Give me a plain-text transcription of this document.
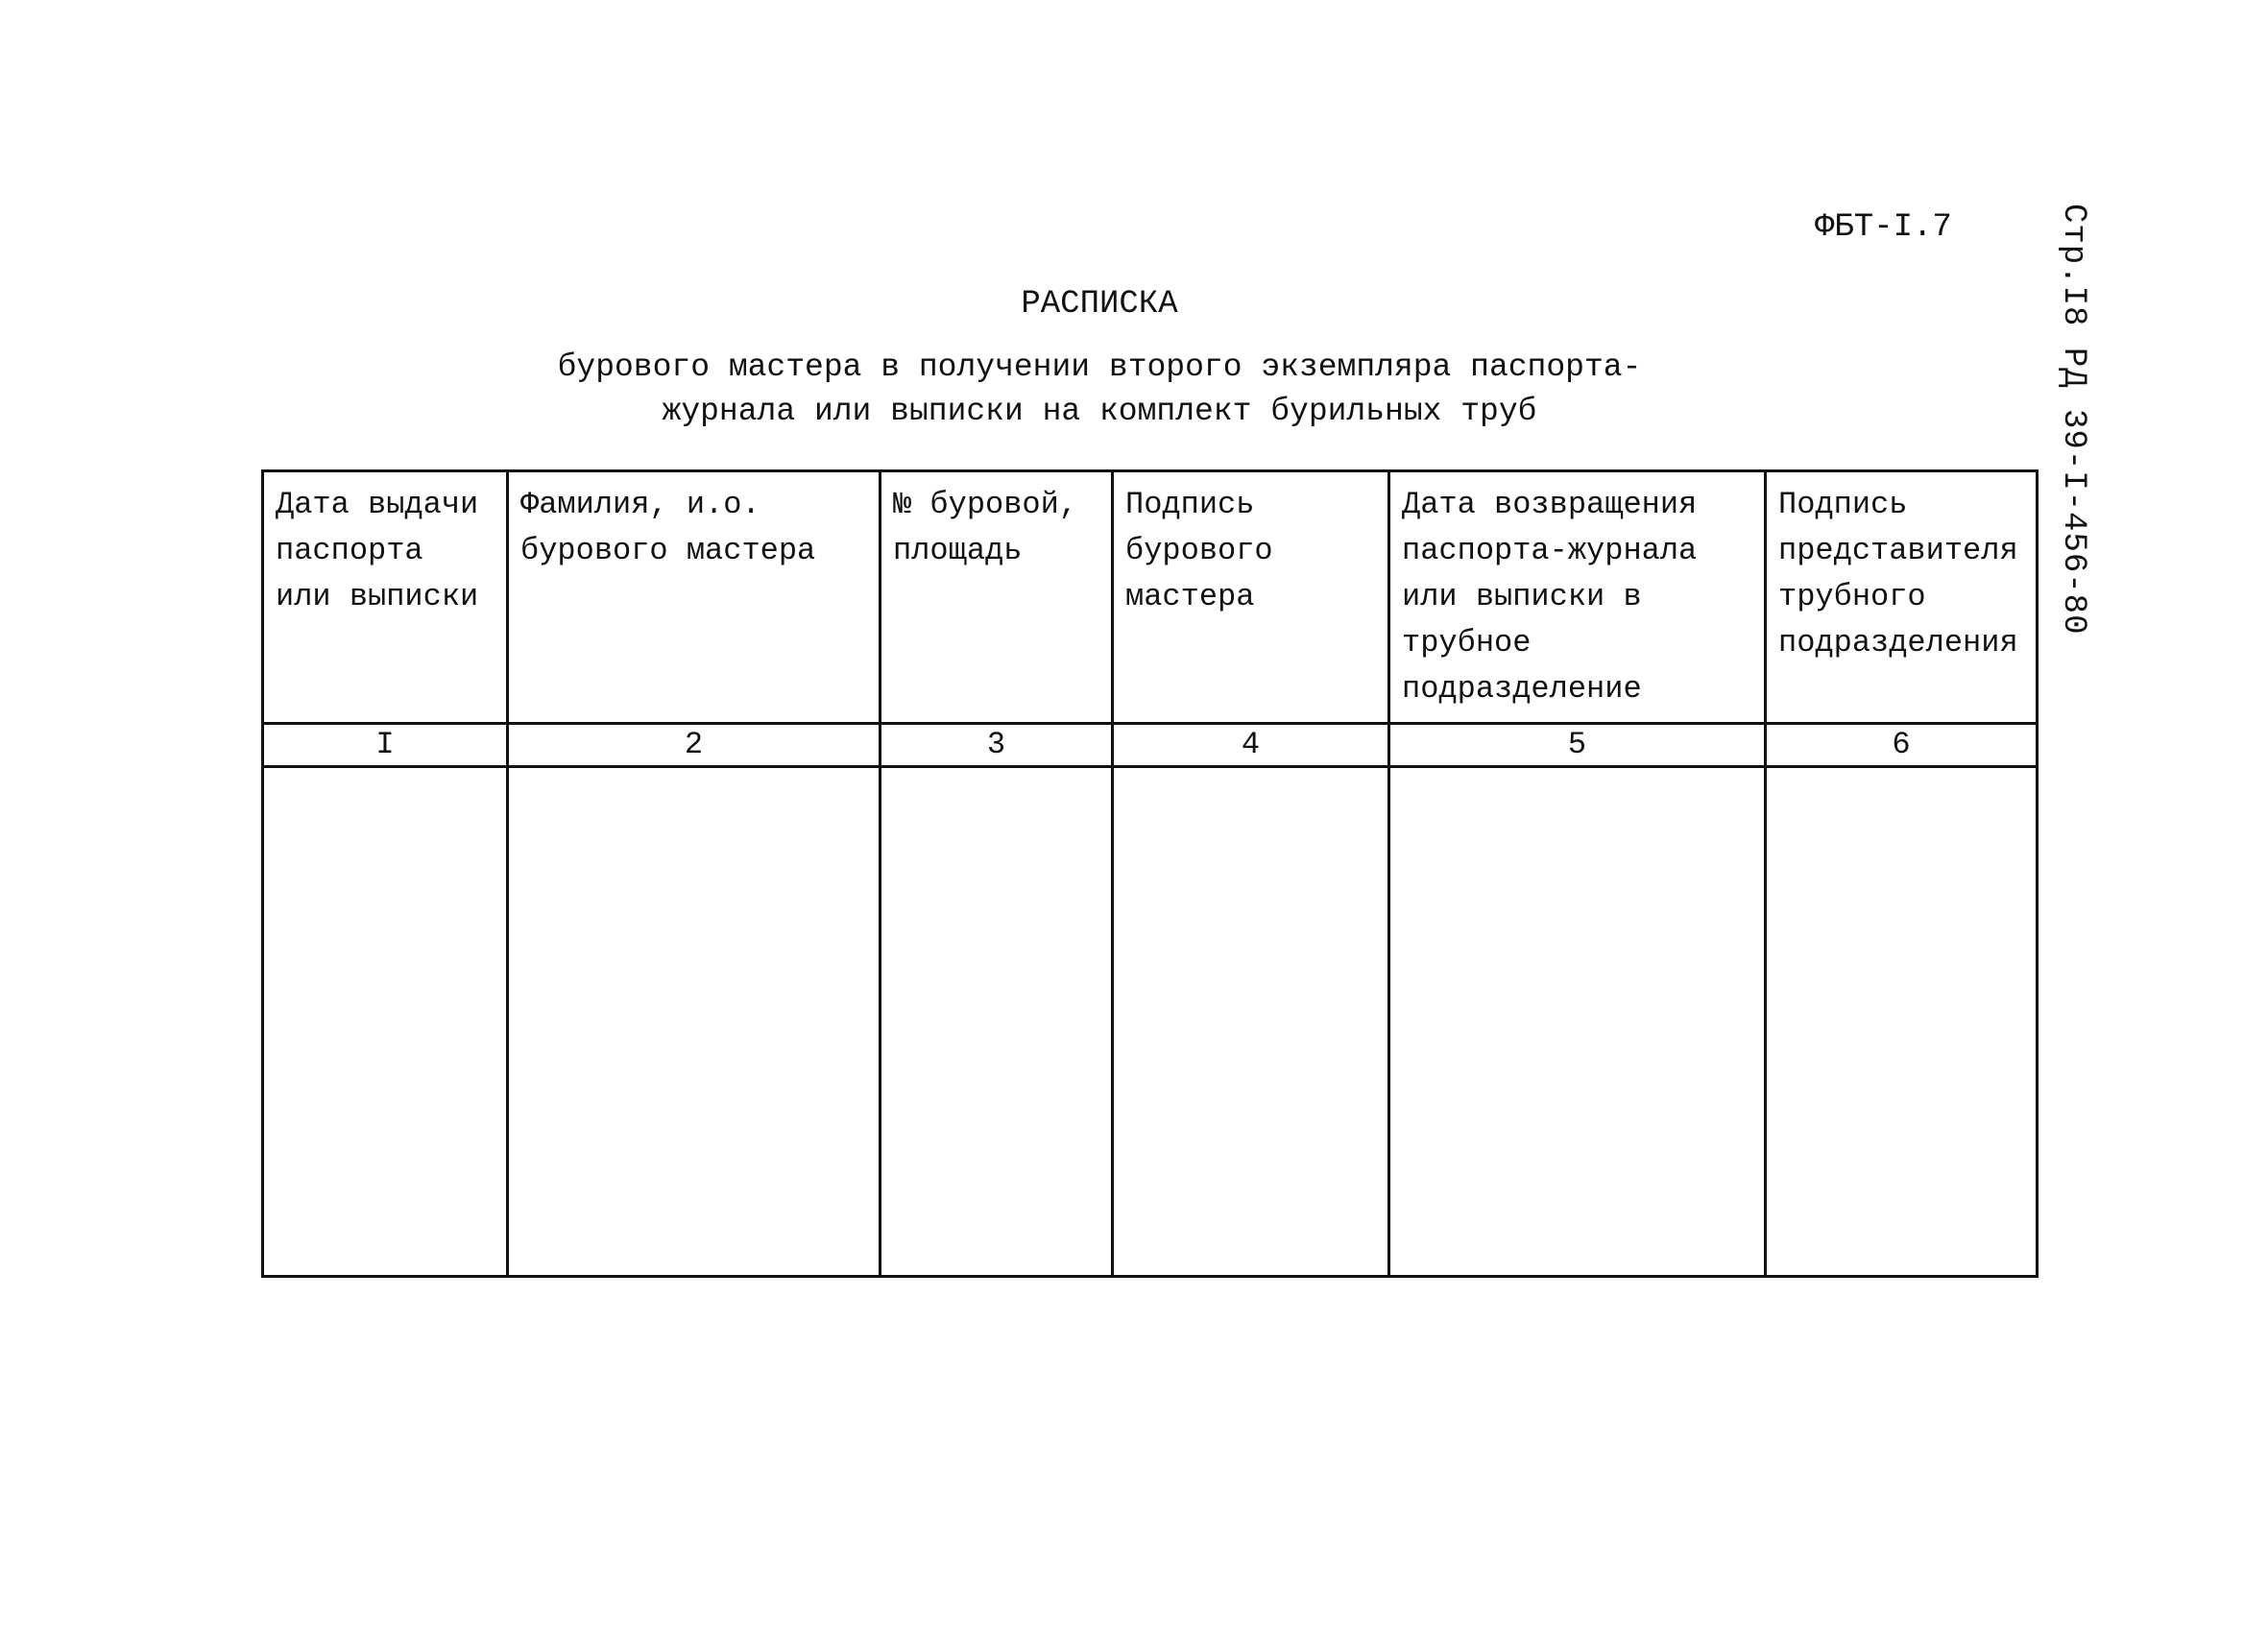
ФБТ-I.7	Стр.I8 РД 39-I-456-80
РАСПИСКА
бурового мастера в получении второго экземпляра паспорта-
журнала или выписки на комплект бурильных труб
Дата выдачи паспорта или выписки	Фамилия, и.о. бурового мастера	№ буровой, площадь	Подпись бурового мастера	Дата возвращения паспорта-журнала или выписки в трубное подразделение	Подпись представителя трубного подразделения
I	2	3	4	5	6
